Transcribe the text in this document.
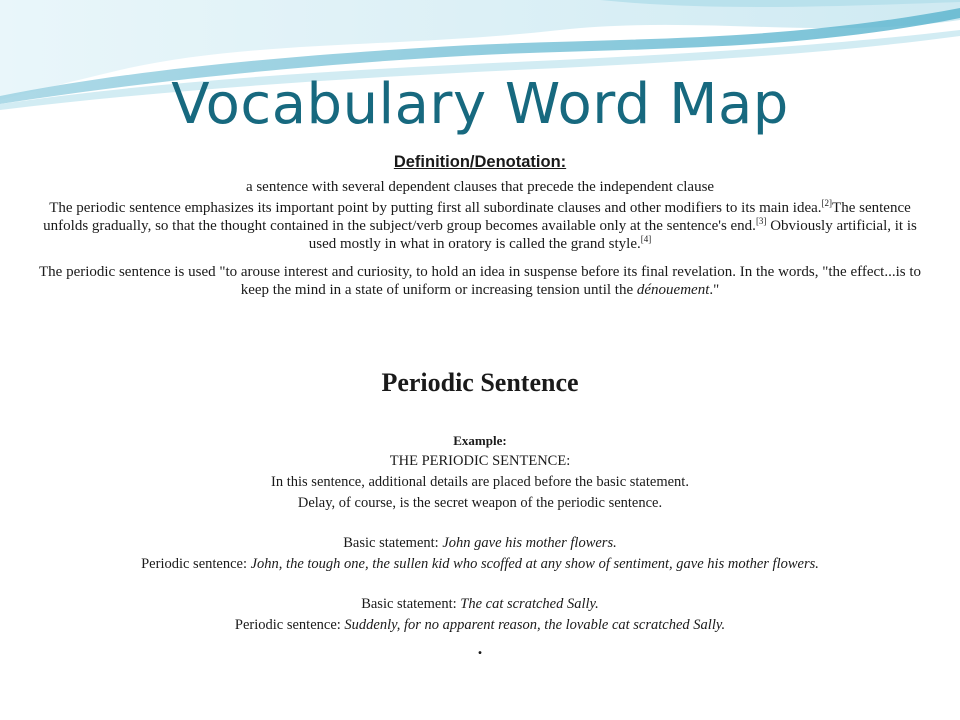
Vocabulary Word Map
Definition/Denotation:
a sentence with several dependent clauses that precede the independent clause

The periodic sentence emphasizes its important point by putting first all subordinate clauses and other modifiers to its main idea.[2]The sentence unfolds gradually, so that the thought contained in the subject/verb group becomes available only at the sentence's end.[3] Obviously artificial, it is used mostly in what in oratory is called the grand style.[4]

The periodic sentence is used "to arouse interest and curiosity, to hold an idea in suspense before its final revelation. In the words, "the effect...is to keep the mind in a state of uniform or increasing tension until the dénouement."

Periodic Sentence
Example:
THE PERIODIC SENTENCE:
In this sentence, additional details are placed before the basic statement.
Delay, of course, is the secret weapon of the periodic sentence.
Basic statement: John gave his mother flowers.
Periodic sentence: John, the tough one, the sullen kid who scoffed at any show of sentiment, gave his mother flowers.
Basic statement: The cat scratched Sally.
Periodic sentence: Suddenly, for no apparent reason, the lovable cat scratched Sally.
.
